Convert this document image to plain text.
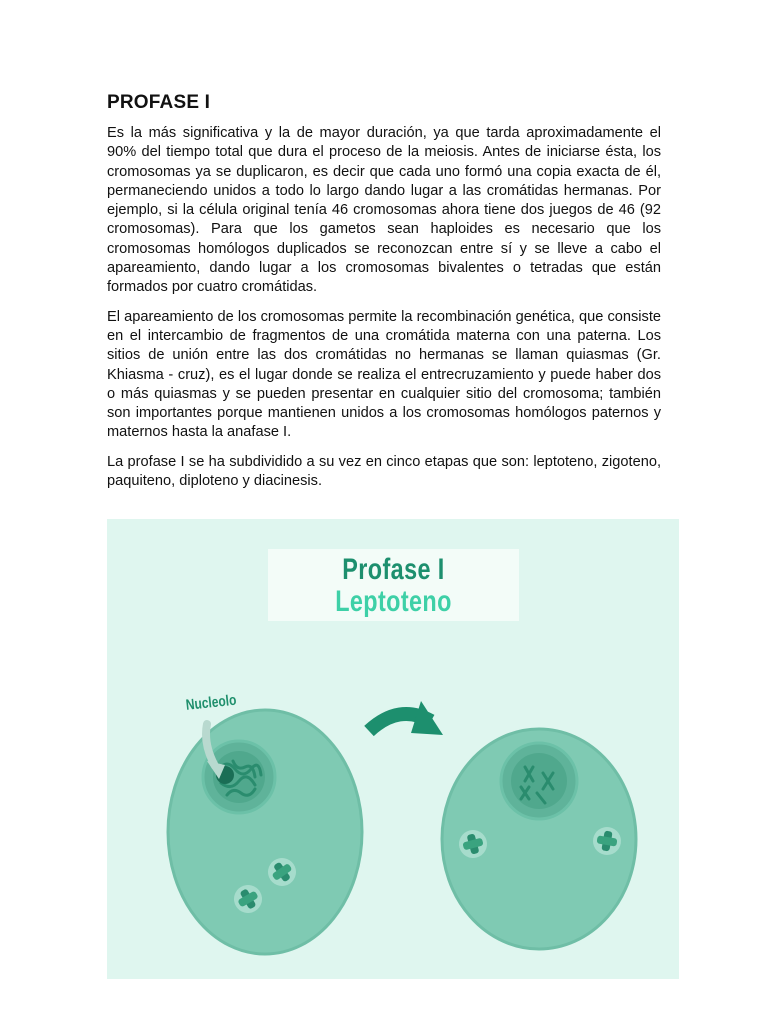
PROFASE I

Es la más significativa y la de mayor duración, ya que tarda aproximadamente el 90% del tiempo total que dura el proceso de la meiosis. Antes de iniciarse ésta, los cromosomas ya se duplicaron, es decir que cada uno formó una copia exacta de él, permaneciendo unidos a todo lo largo dando lugar a las cromátidas hermanas. Por ejemplo, si la célula original tenía 46 cromosomas ahora tiene dos juegos de 46 (92 cromosomas). Para que los gametos sean haploides es necesario que los cromosomas homólogos duplicados se reconozcan entre sí y se lleve a cabo el apareamiento, dando lugar a los cromosomas bivalentes o tetradas que están formados por cuatro cromátidas.

El apareamiento de los cromosomas permite la recombinación genética, que consiste en el intercambio de fragmentos de una cromátida materna con una paterna. Los sitios de unión entre las dos cromátidas no hermanas se llaman quiasmas (Gr. Khiasma - cruz), es el lugar donde se realiza el entrecruzamiento y puede haber dos o más quiasmas y se pueden presentar en cualquier sitio del cromosoma; también son importantes porque mantienen unidos a los cromosomas homólogos paternos y maternos hasta la anafase I.

La profase I se ha subdividido a su vez en cinco etapas que son: leptoteno, zigoteno, paquiteno, diploteno y diacinesis.

Profase I
Leptoteno
Nucleolo
